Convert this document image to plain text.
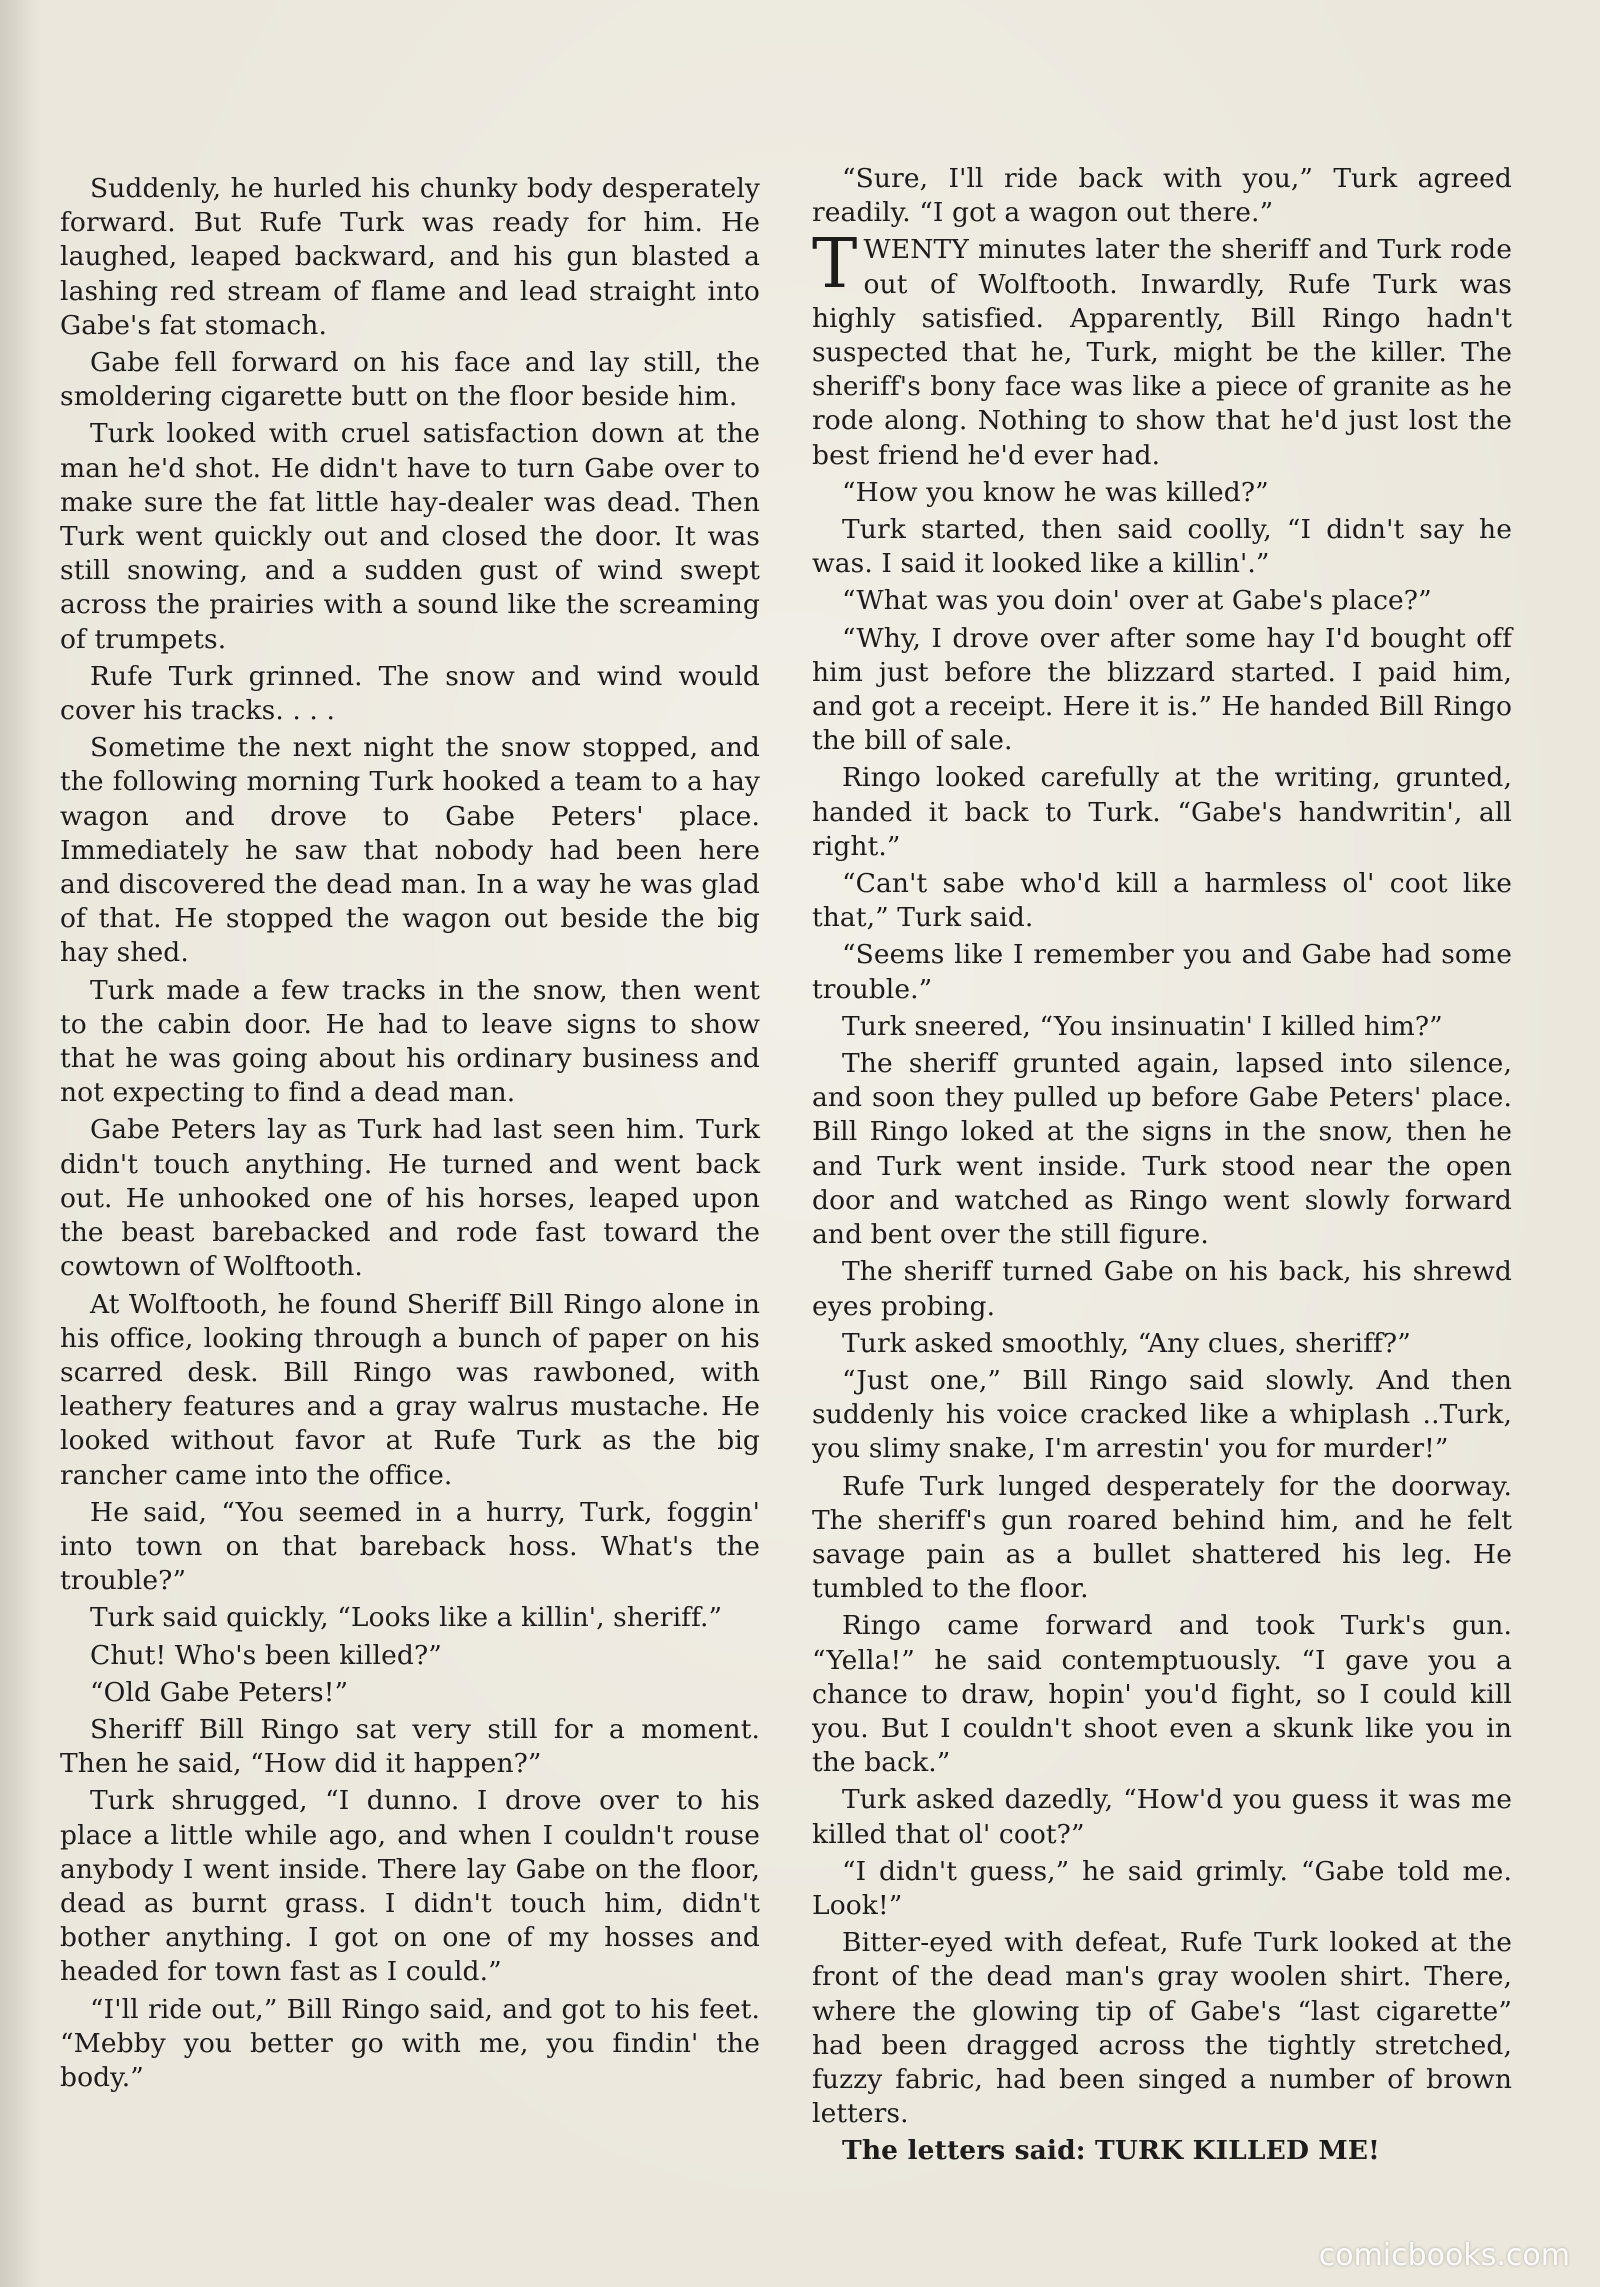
Suddenly, he hurled his chunky body desperately forward. But Rufe Turk was ready for him. He laughed, leaped backward, and his gun blasted a lashing red stream of flame and lead straight into Gabe's fat stomach.

Gabe fell forward on his face and lay still, the smoldering cigarette butt on the floor beside him.

Turk looked with cruel satisfaction down at the man he'd shot. He didn't have to turn Gabe over to make sure the fat little hay-dealer was dead. Then Turk went quickly out and closed the door. It was still snowing, and a sudden gust of wind swept across the prairies with a sound like the screaming of trumpets.

Rufe Turk grinned. The snow and wind would cover his tracks. . . .

Sometime the next night the snow stopped, and the following morning Turk hooked a team to a hay wagon and drove to Gabe Peters' place. Immediately he saw that nobody had been here and discovered the dead man. In a way he was glad of that. He stopped the wagon out beside the big hay shed.

Turk made a few tracks in the snow, then went to the cabin door. He had to leave signs to show that he was going about his ordinary business and not expecting to find a dead man.

Gabe Peters lay as Turk had last seen him. Turk didn't touch anything. He turned and went back out. He unhooked one of his horses, leaped upon the beast barebacked and rode fast toward the cowtown of Wolftooth.

At Wolftooth, he found Sheriff Bill Ringo alone in his office, looking through a bunch of paper on his scarred desk. Bill Ringo was rawboned, with leathery features and a gray walrus mustache. He looked without favor at Rufe Turk as the big rancher came into the office.

He said, “You seemed in a hurry, Turk, foggin' into town on that bareback hoss. What's the trouble?”

Turk said quickly, “Looks like a killin', sheriff.”

Chut! Who's been killed?”

“Old Gabe Peters!”

Sheriff Bill Ringo sat very still for a moment. Then he said, “How did it happen?”

Turk shrugged, “I dunno. I drove over to his place a little while ago, and when I couldn't rouse anybody I went inside. There lay Gabe on the floor, dead as burnt grass. I didn't touch him, didn't bother anything. I got on one of my hosses and headed for town fast as I could.”

“I'll ride out,” Bill Ringo said, and got to his feet. “Mebby you better go with me, you findin' the body.”

“Sure, I'll ride back with you,” Turk agreed readily. “I got a wagon out there.”

TWENTY minutes later the sheriff and Turk rode out of Wolftooth. Inwardly, Rufe Turk was highly satisfied. Apparently, Bill Ringo hadn't suspected that he, Turk, might be the killer. The sheriff's bony face was like a piece of granite as he rode along. Nothing to show that he'd just lost the best friend he'd ever had.

“How you know he was killed?”

Turk started, then said coolly, “I didn't say he was. I said it looked like a killin'.”

“What was you doin' over at Gabe's place?”

“Why, I drove over after some hay I'd bought off him just before the blizzard started. I paid him, and got a receipt. Here it is.” He handed Bill Ringo the bill of sale.

Ringo looked carefully at the writing, grunted, handed it back to Turk. “Gabe's handwritin', all right.”

“Can't sabe who'd kill a harmless ol' coot like that,” Turk said.

“Seems like I remember you and Gabe had some trouble.”

Turk sneered, “You insinuatin' I killed him?”

The sheriff grunted again, lapsed into silence, and soon they pulled up before Gabe Peters' place. Bill Ringo loked at the signs in the snow, then he and Turk went inside. Turk stood near the open door and watched as Ringo went slowly forward and bent over the still figure.

The sheriff turned Gabe on his back, his shrewd eyes probing.

Turk asked smoothly, “Any clues, sheriff?”

“Just one,” Bill Ringo said slowly. And then suddenly his voice cracked like a whiplash ..Turk, you slimy snake, I'm arrestin' you for murder!”

Rufe Turk lunged desperately for the doorway. The sheriff's gun roared behind him, and he felt savage pain as a bullet shattered his leg. He tumbled to the floor.

Ringo came forward and took Turk's gun. “Yella!” he said contemptuously. “I gave you a chance to draw, hopin' you'd fight, so I could kill you. But I couldn't shoot even a skunk like you in the back.”

Turk asked dazedly, “How'd you guess it was me killed that ol' coot?”

“I didn't guess,” he said grimly. “Gabe told me. Look!”

Bitter-eyed with defeat, Rufe Turk looked at the front of the dead man's gray woolen shirt. There, where the glowing tip of Gabe's “last cigarette” had been dragged across the tightly stretched, fuzzy fabric, had been singed a number of brown letters.

The letters said: TURK KILLED ME!

comicbooks.com
